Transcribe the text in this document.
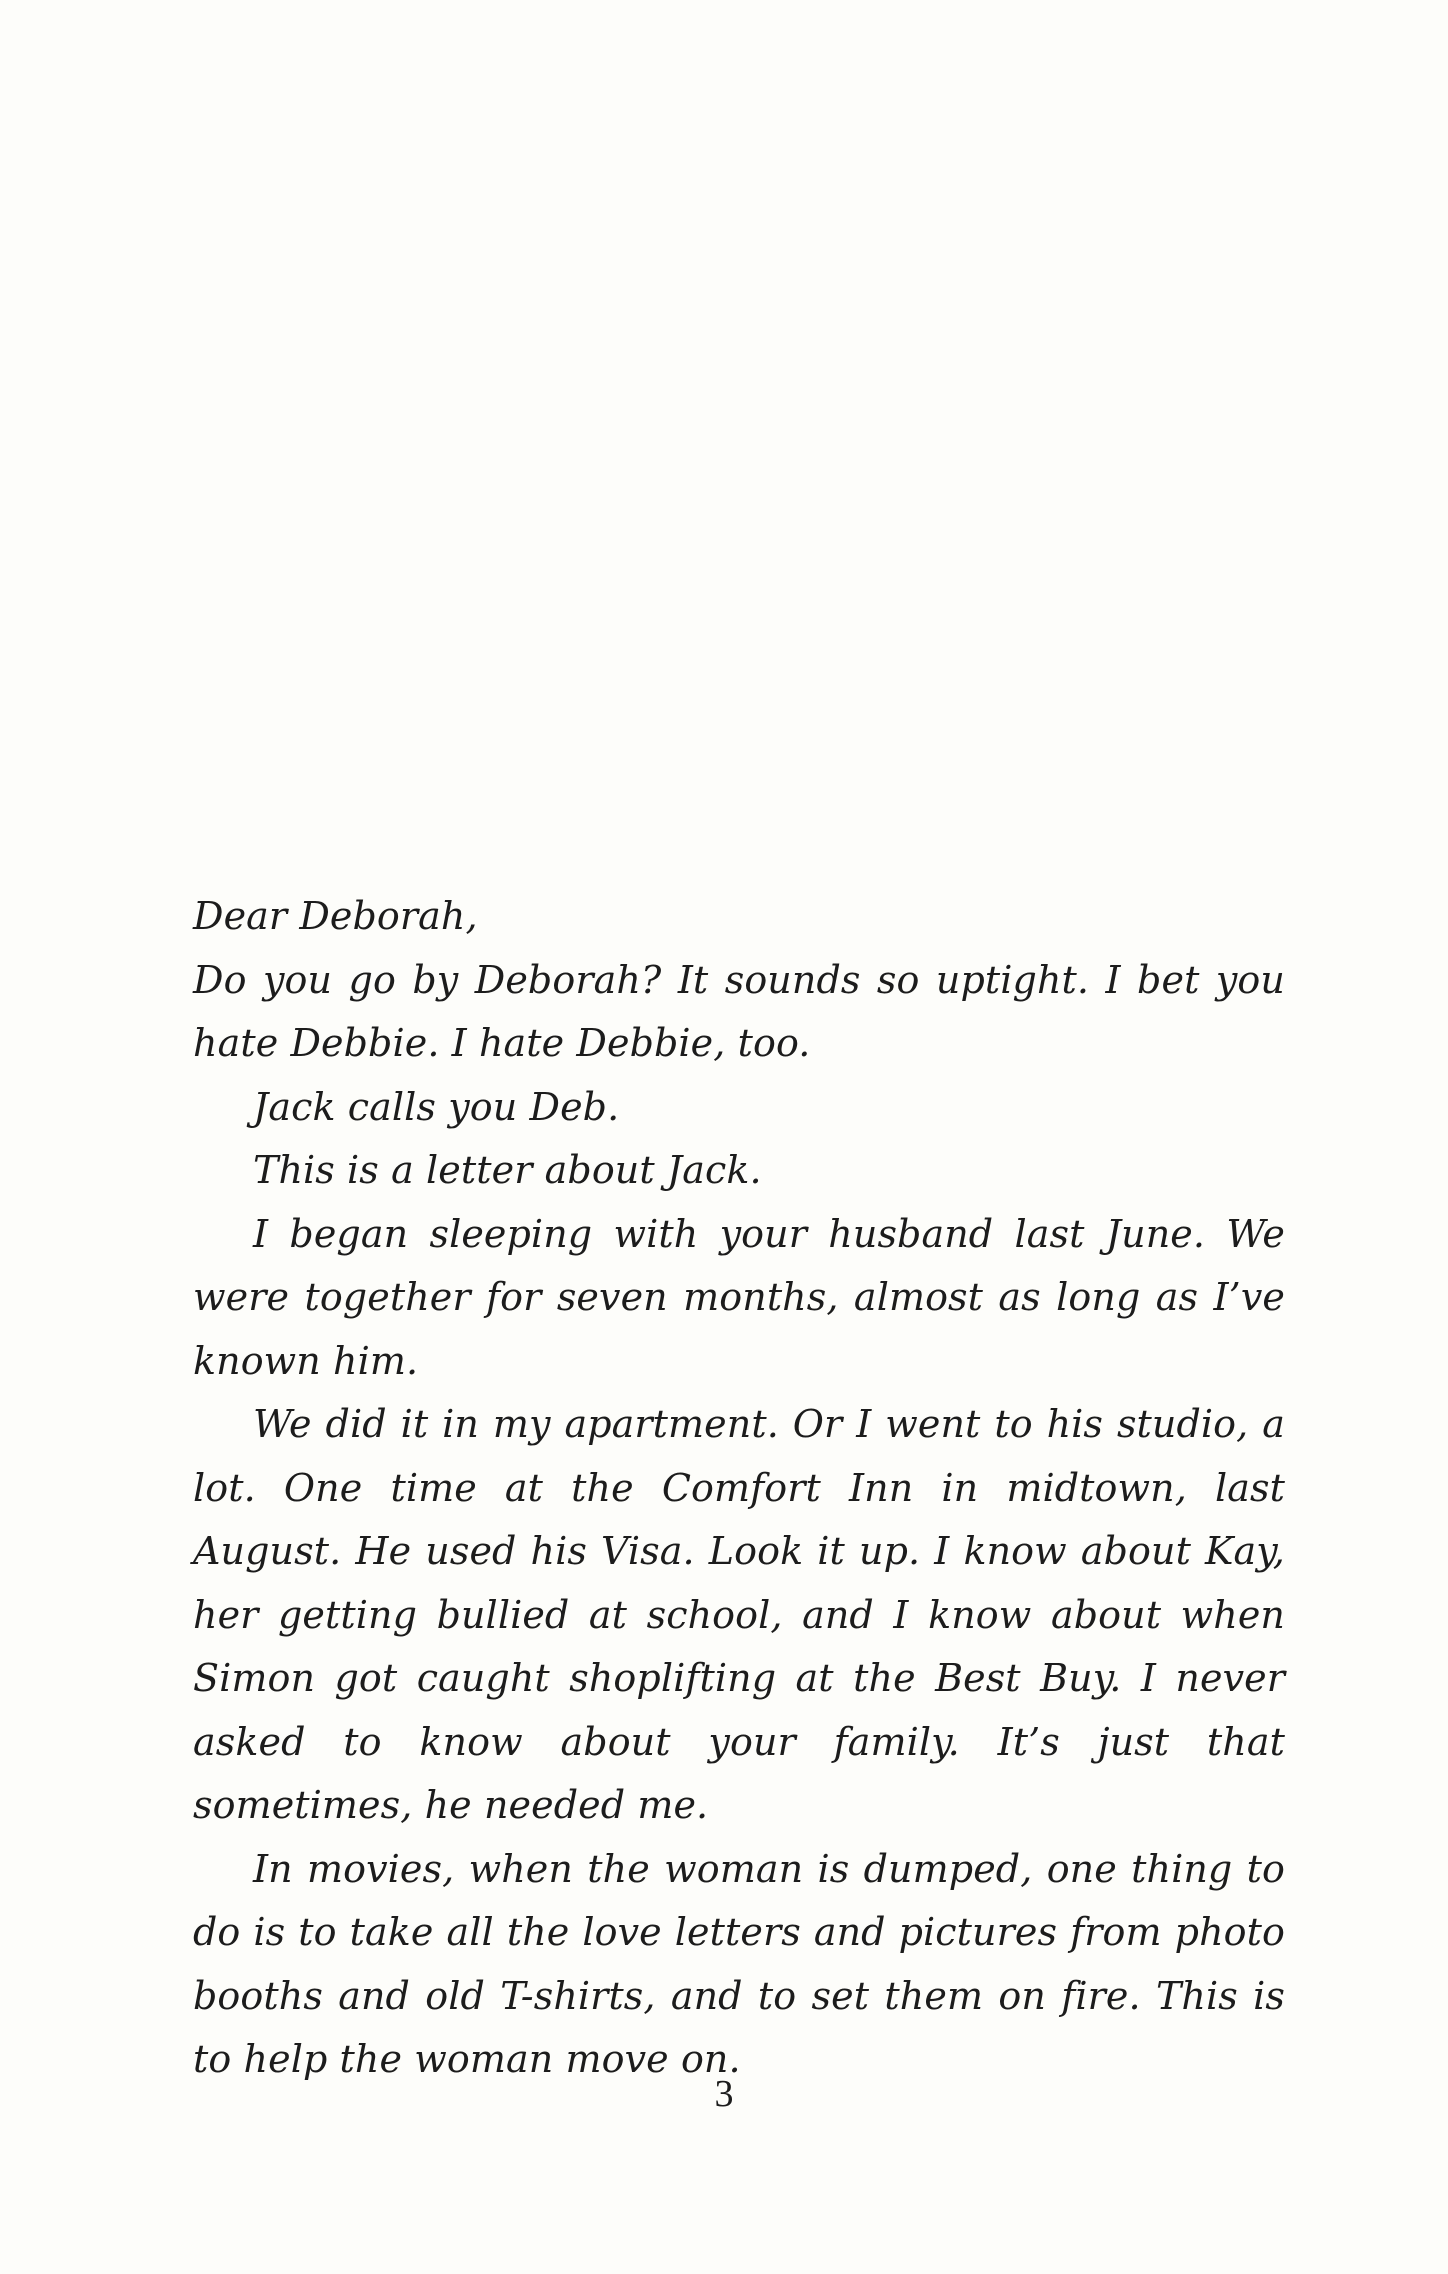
Dear Deborah,

Do you go by Deborah? It sounds so uptight. I bet you hate Debbie. I hate Debbie, too.

Jack calls you Deb.

This is a letter about Jack.

I began sleeping with your husband last June. We were together for seven months, almost as long as I’ve known him.

We did it in my apartment. Or I went to his studio, a lot. One time at the Comfort Inn in midtown, last August. He used his Visa. Look it up. I know about Kay, her getting bullied at school, and I know about when Simon got caught shoplifting at the Best Buy. I never asked to know about your family. It’s just that sometimes, he needed me.

In movies, when the woman is dumped, one thing to do is to take all the love letters and pictures from photo booths and old T-shirts, and to set them on fire. This is to help the woman move on.

3
